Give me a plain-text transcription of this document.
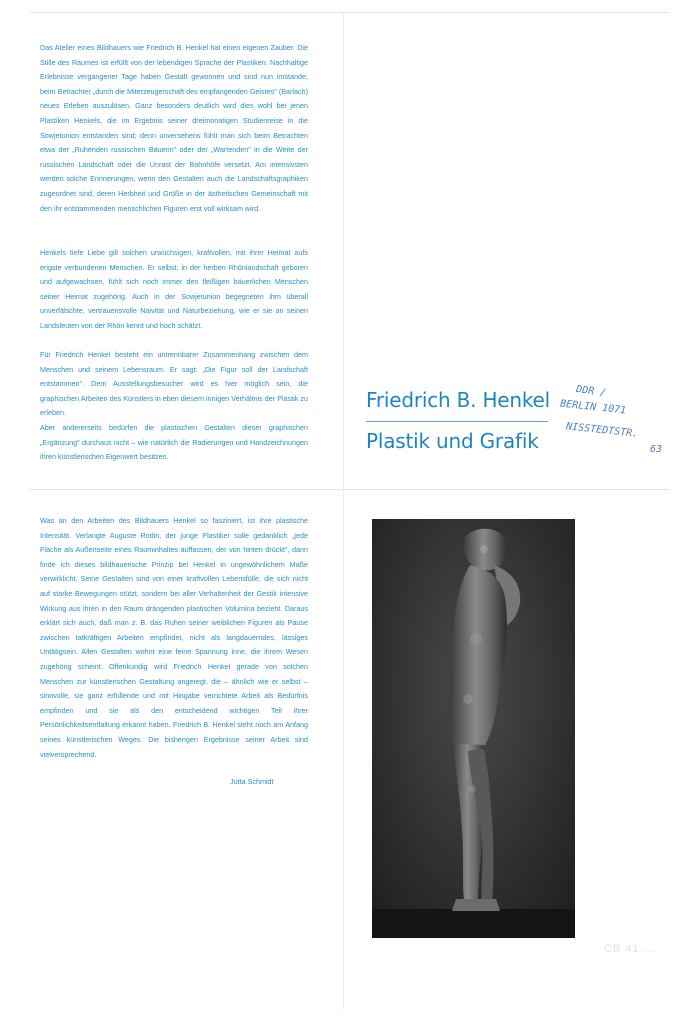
Das Atelier eines Bildhauers wie Friedrich B. Henkel hat einen eigenen Zauber. Die Stille des Raumes ist erfüllt von der lebendigen Sprache der Plastiken. Nachhaltige Erlebnisse vergangener Tage haben Gestalt gewonnen und sind nun imstande, beim Betrachter „durch die Miterzeugerschaft des empfangenden Geistes" (Barlach) neues Erleben auszulösen. Ganz besonders deutlich wird dies wohl bei jenen Plastiken Henkels, die im Ergebnis seiner dreimonatigen Studienreise in die Sowjetunion entstanden sind; denn unversehens fühlt man sich beim Betrachten etwa der „Ruhenden russischen Bäuerin" oder der „Wartenden" in die Weite der russischen Landschaft oder die Unrast der Bahnhöfe versetzt. Am intensivsten werden solche Erinnerungen, wenn den Gestalten auch die Landschaftsgraphiken zugeordnet sind, deren Herbheit und Größe in der ästhetischen Gemeinschaft mit den ihr entstammenden menschlichen Figuren erst voll wirksam wird.

Henkels tiefe Liebe gilt solchen urwüchsigen, kraftvollen, mit ihrer Heimat aufs engste verbundenen Menschen. Er selbst, in der herben Rhönlandschaft geboren und aufgewachsen, fühlt sich noch immer den fleißigen bäuerlichen Menschen seiner Heimat zugehörig. Auch in der Sowjetunion begegneten ihm überall unverfälschte, vertrauensvolle Naivität und Naturbeziehung, wie er sie an seinen Landsleuten von der Rhön kennt und hoch schätzt.

Für Friedrich Henkel besteht ein untrennbarer Zusammenhang zwischen dem Menschen und seinem Lebensraum. Er sagt: „Die Figur soll der Landschaft entstammen". Dem Ausstellungsbesucher wird es hier möglich sein, die graphischen Arbeiten des Künstlers in eben diesem innigen Verhältnis der Plastik zu erleben.

Aber andererseits bedürfen die plastischen Gestalten dieser graphischen „Ergänzung" durchaus nicht – wie natürlich die Radierungen und Handzeichnungen ihren künstlerischen Eigenwert besitzen.

Was an den Arbeiten des Bildhauers Henkel so fasziniert, ist ihre plastische Intensität. Verlangte Auguste Rodin, der junge Plastiker solle gedanklich „jede Fläche als Außenseite eines Rauminhaltes auffassen, der von hinten drückt", dann finde ich dieses bildhauerische Prinzip bei Henkel in ungewöhnlichem Maße verwirklicht. Seine Gestalten sind von einer kraftvollen Lebensfülle, die sich nicht auf starke Bewegungen stützt, sondern bei aller Verhaltenheit der Gestik intensive Wirkung aus ihren in den Raum drängenden plastischen Volumina bezieht. Daraus erklärt sich auch, daß man z. B. das Ruhen seiner weiblichen Figuren als Pause zwischen tatkräftigen Arbeiten empfindet, nicht als langdauerndes, lässiges Untätigsein. Allen Gestalten wohnt eine feine Spannung inne, die ihrem Wesen zugehörig scheint. Offenkundig wird Friedrich Henkel gerade von solchen Menschen zur künstlerischen Gestaltung angeregt, die – ähnlich wie er selbst – sinnvolle, sie ganz erfüllende und mit Hingabe verrichtete Arbeit als Bedürfnis empfinden und sie als den entscheidend wichtigen Teil ihrer Persönlichkeitsentfaltung erkannt haben. Friedrich B. Henkel steht noch am Anfang seines künstlerischen Weges. Die bisherigen Ergebnisse seiner Arbeit sind vielversprechend.

Jutta Schmidt
Friedrich B. Henkel
Plastik und Grafik
DDR /
BERLIN 1071
NISSTEDTSTR.
63
CB 41 ...
